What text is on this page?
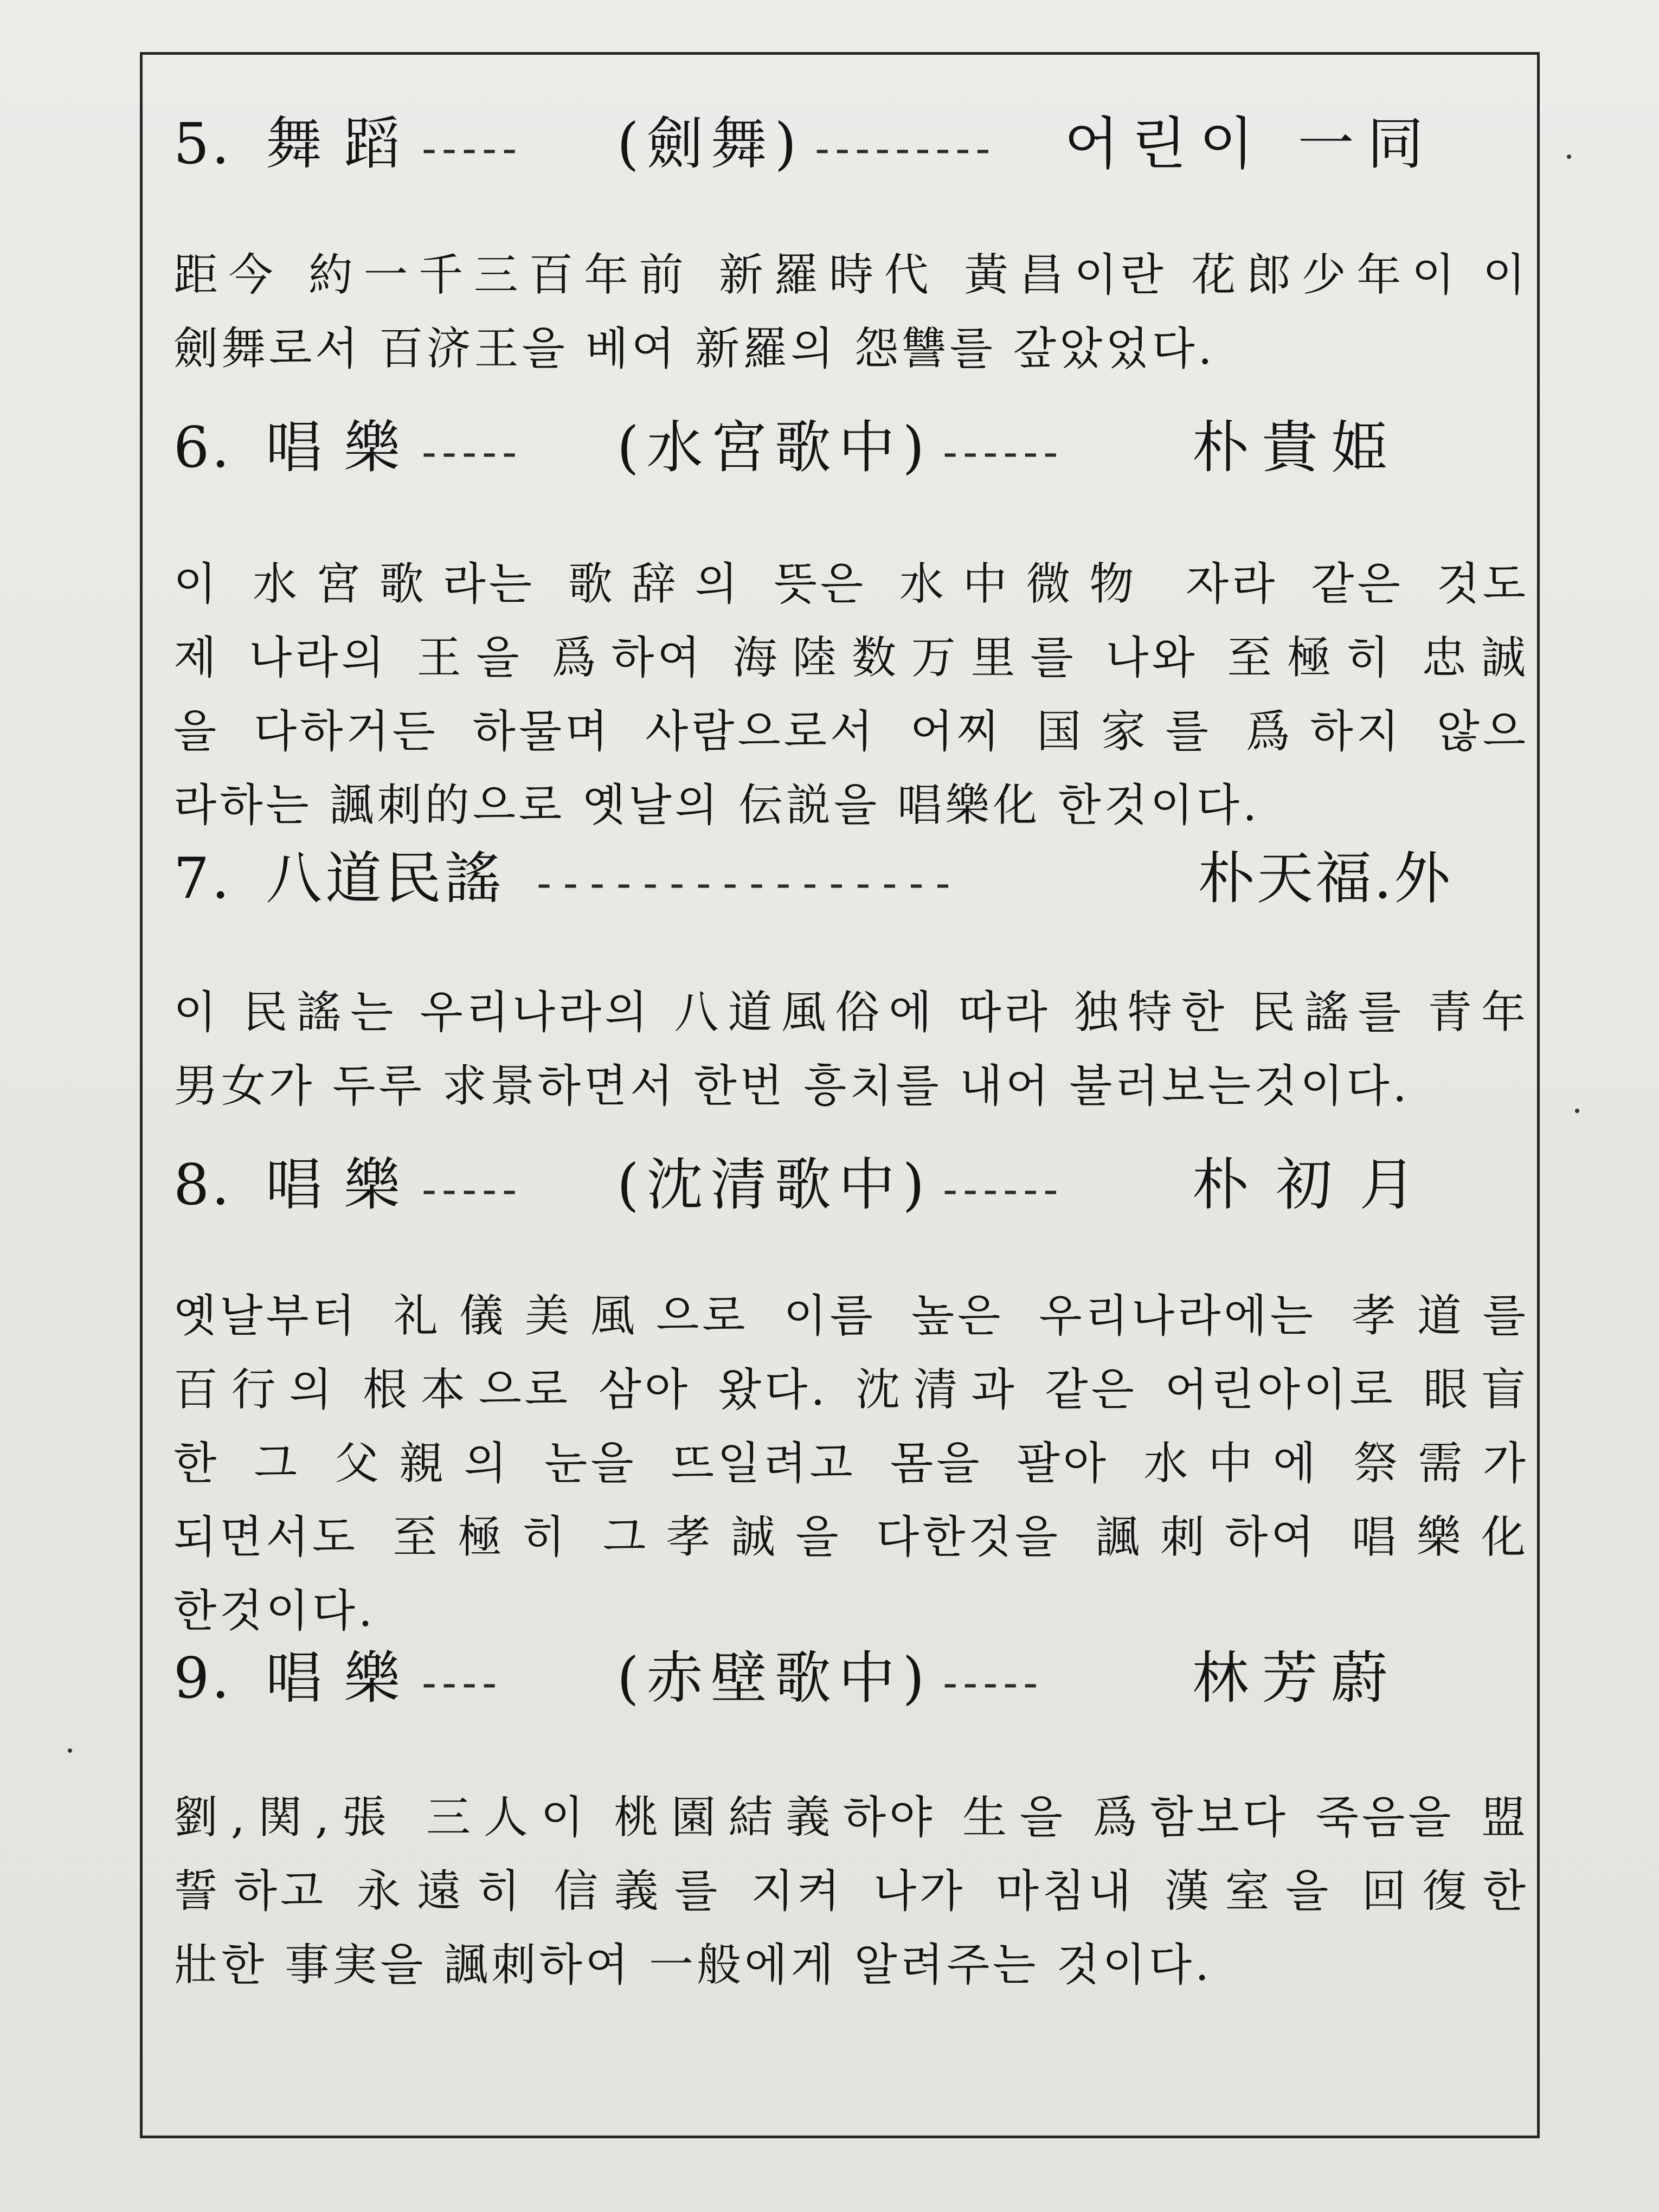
5. 舞蹈 -----	(劍舞) ---------	어린이 一同
距今 約一千三百年前 新羅時代 黃昌이란 花郎少年이 이
劍舞로서 百济王을 베여 新羅의 怨讐를 갚았었다.
6. 唱樂 -----	(水宮歌中) ------	朴貴姫
이 水宮歌라는 歌辞의 뜻은 水中微物 자라 같은 것도
제 나라의 王을 爲하여 海陸数万里를 나와 至極히 忠誠
을 다하거든 하물며 사람으로서 어찌 国家를 爲하지 않으
라하는 諷刺的으로 옛날의 伝説을 唱樂化 한것이다.
7. 八道民謠 ----------------	朴天福.外
이 民謠는 우리나라의 八道風俗에 따라 独特한 民謠를 青年
男女가 두루 求景하면서 한번 흥치를 내어 불러보는것이다.
8. 唱樂 -----	(沈清歌中) ------	朴初月
옛날부터 礼儀美風으로 이름 높은 우리나라에는 孝道를
百行의 根本으로 삼아 왔다. 沈清과 같은 어린아이로 眼盲
한 그 父親의 눈을 뜨일려고 몸을 팔아 水中에 祭需가
되면서도 至極히 그孝誠을 다한것을 諷刺하여 唱樂化
한것이다.
9. 唱樂 ----	(赤壁歌中) -----	林芳蔚
劉,関,張 三人이 桃園結義하야 生을 爲함보다 죽음을 盟
誓하고 永遠히 信義를 지켜 나가 마침내 漢室을 回復한
壯한 事実을 諷刺하여 一般에게 알려주는 것이다.
